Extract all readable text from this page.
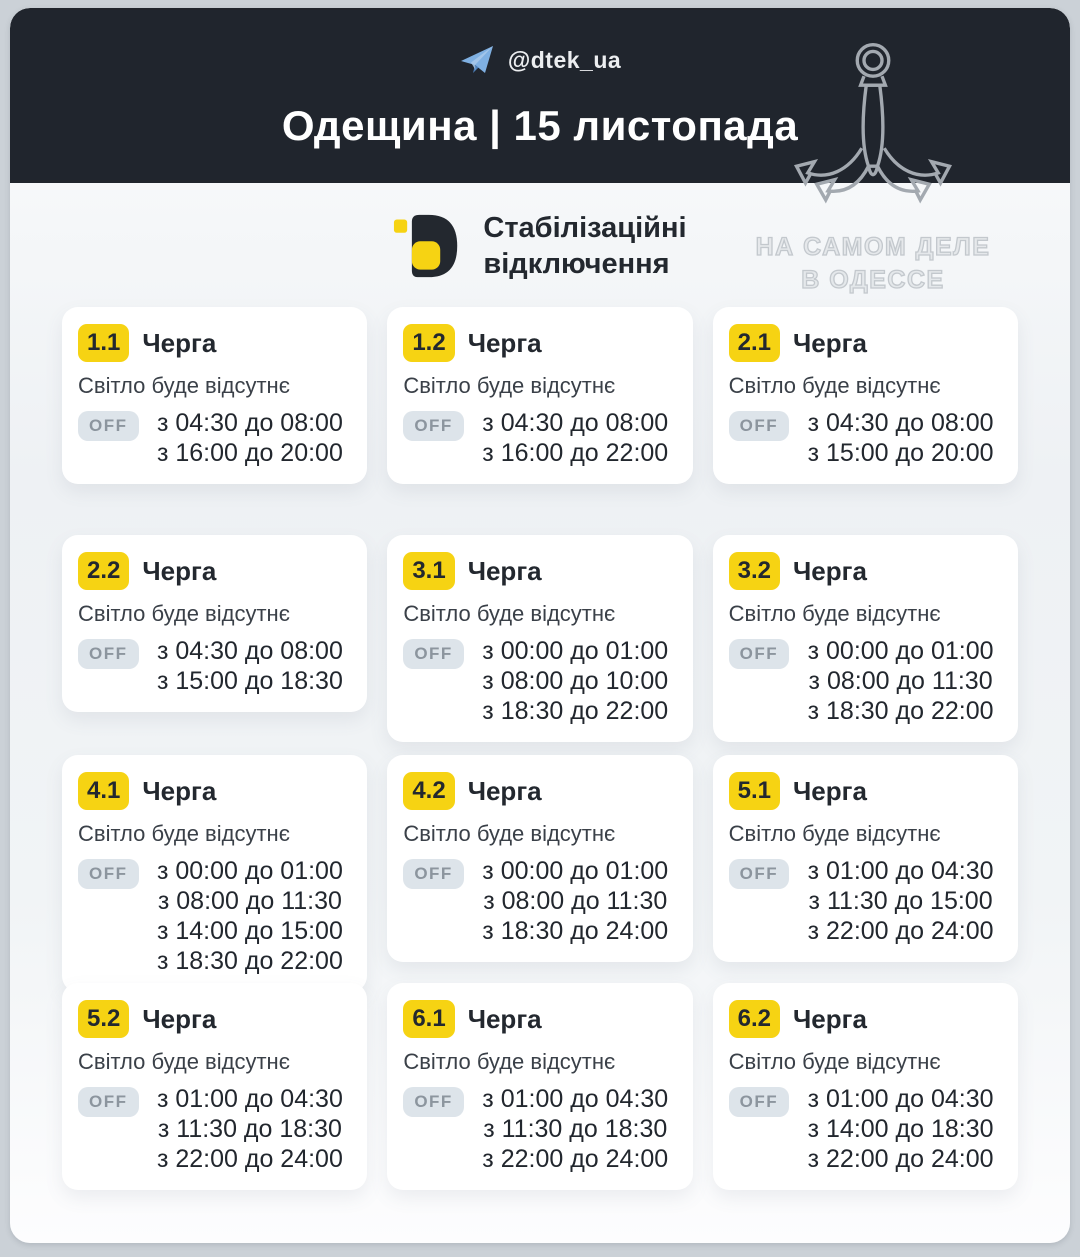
@dtek_ua
Одещина | 15 листопада
Стабілізаційні
відключення
1.1 Черга
Світло буде відсутнє
OFF	з 04:30 до 08:00
з 16:00 до 20:00
1.2 Черга
Світло буде відсутнє
OFF	з 04:30 до 08:00
з 16:00 до 22:00
2.1 Черга
Світло буде відсутнє
OFF	з 04:30 до 08:00
з 15:00 до 20:00
2.2 Черга
Світло буде відсутнє
OFF	з 04:30 до 08:00
з 15:00 до 18:30
3.1 Черга
Світло буде відсутнє
OFF	з 00:00 до 01:00
з 08:00 до 10:00
з 18:30 до 22:00
3.2 Черга
Світло буде відсутнє
OFF	з 00:00 до 01:00
з 08:00 до 11:30
з 18:30 до 22:00
4.1 Черга
Світло буде відсутнє
OFF	з 00:00 до 01:00
з 08:00 до 11:30
з 14:00 до 15:00
з 18:30 до 22:00
4.2 Черга
Світло буде відсутнє
OFF	з 00:00 до 01:00
з 08:00 до 11:30
з 18:30 до 24:00
5.1 Черга
Світло буде відсутнє
OFF	з 01:00 до 04:30
з 11:30 до 15:00
з 22:00 до 24:00
5.2 Черга
Світло буде відсутнє
OFF	з 01:00 до 04:30
з 11:30 до 18:30
з 22:00 до 24:00
6.1 Черга
Світло буде відсутнє
OFF	з 01:00 до 04:30
з 11:30 до 18:30
з 22:00 до 24:00
6.2 Черга
Світло буде відсутнє
OFF	з 01:00 до 04:30
з 14:00 до 18:30
з 22:00 до 24:00
НА САМОМ ДЕЛЕ
В ОДЕССЕ
